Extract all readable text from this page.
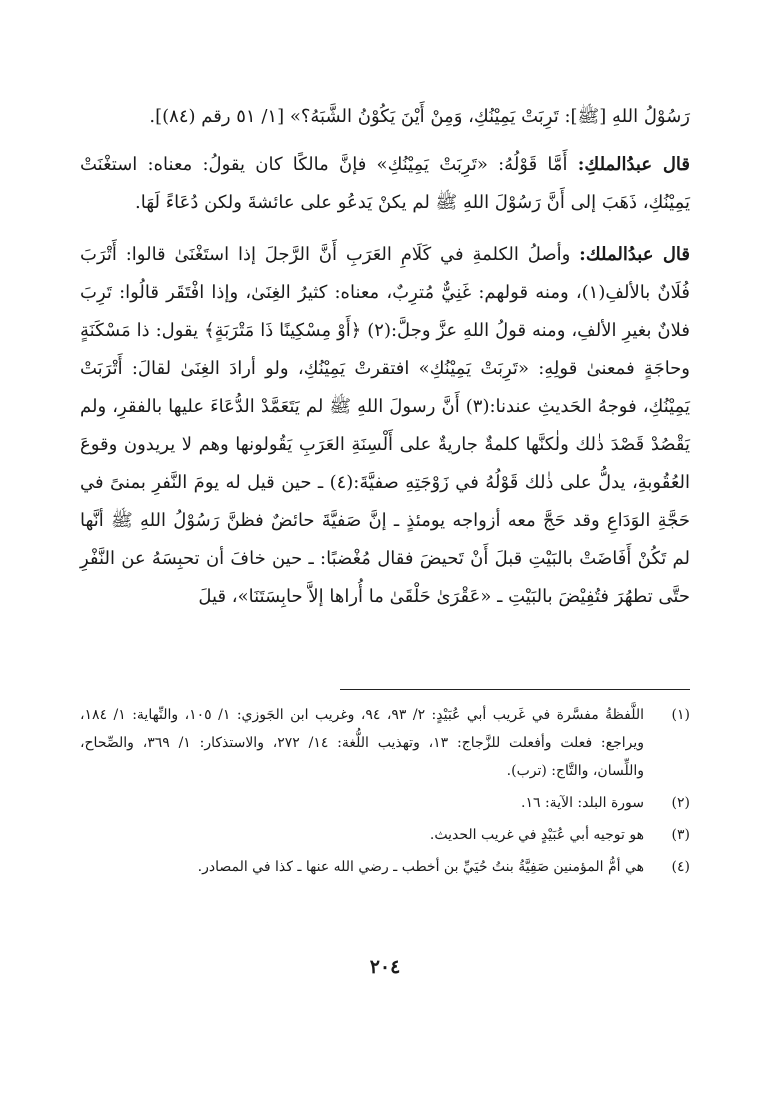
رَسُوْلُ اللهِ [ﷺ]: تَرِبَتْ يَمِيْنُكِ، وَمِنْ أَيْنَ يَكُوْنُ الشَّبَهُ؟» [١/ ٥١ رقم (٨٤)].

قال عبدُالملكِ: أَمَّا قَوْلُهُ: «تَرِبَتْ يَمِيْنُكِ» فإنَّ مالكًا كان يقولُ: معناه: استغْنَتْ يَمِيْنُكِ، ذَهَبَ إلى أَنَّ رَسُوْلَ اللهِ ﷺ لم يكنْ يَدعُو على عائشةَ ولكن دُعَاءً لَهَا.

قال عبدُالملك: وأصلُ الكلمةِ في كَلَامِ العَرَبِ أَنَّ الرَّجلَ إذا استَغْنَىٰ قالوا: أَتْرَبَ فُلَانٌ بالألفِ(١)، ومنه قولهم: غَنِيٌّ مُترِبٌ، معناه: كثيرُ الغِنَىٰ، وإذا افْتَقَر قالُوا: تَرِبَ فلانٌ بغيرِ الألفِ، ومنه قولُ اللهِ عزَّ وجلَّ:(٢) ﴿أَوْ مِسْكِينًا ذَا مَتْرَبَةٍ﴾ يقول: ذا مَسْكَنَةٍ وحاجَةٍ فمعنىٰ قولِهِ: «تَرِبَتْ يَمِيْنُكِ» افتقرتْ يَمِيْنُكِ، ولو أرادَ الغِنَىٰ لقالَ: أَتْرَبَتْ يَمِيْنُكِ، فوجهُ الحَديثِ عندنا:(٣) أَنَّ رسولَ اللهِ ﷺ لم يَتَعَمَّدْ الدُّعَاءَ عليها بالفقرِ، ولم يَقْصُدْ قَصْدَ ذٰلك ولٰكنَّها كلمةٌ جاريةٌ على أَلْسِنَةِ العَرَبِ يَقُولونها وهم لا يريدون وقوعَ العُقُوبةِ، يدلُّ على ذٰلك قَوْلُهُ في زَوْجَتِهِ صفيَّةَ:(٤) ـ حين قيل له يومَ النَّفرِ بمنىً في حَجَّةِ الوَدَاعِ وقد حَجَّ معه أزواجه يومئذٍ ـ إنَّ صَفيَّةَ حائضٌ فظنَّ رَسُوْلُ اللهِ ﷺ أنَّها لم تَكُنْ أَفَاضَتْ بالبَيْتِ قبلَ أَنْ تَحيضَ فقال مُغْضبًا: ـ حين خافَ أن تحبِسَهُ عن النَّفْرِ حتَّى تطهُرَ فتُفِيْضَ بالبَيْتِ ـ «عَقْرَىٰ حَلْقَىٰ ما أُراها إلاَّ حابِسَتَنَا»، قيلَ

(١)
اللَّفظةُ مفسَّرة في غَريب أبي عُبَيْدٍ: ٢/ ٩٣، ٩٤، وغريب ابن الجَوزي: ١/ ١٠٥، والنِّهاية: ١/ ١٨٤، ويراجع: فعلت وأفعلت للزَّجاج: ١٣، وتهذيب اللُّغة: ١٤/ ٢٧٢، والاستذكار: ١/ ٣٦٩، والصِّحاح، واللِّسان، والتَّاج: (ترب).
(٢)
سورة البلد: الآية: ١٦.
(٣)
هو توجيه أبي عُبَيْدٍ في غريب الحديث.
(٤)
هي أمُّ المؤمنين صَفِيَّةُ بنتُ حُيَيِّ بن أخطب ـ رضي الله عنها ـ كذا في المصادر.
٢٠٤
